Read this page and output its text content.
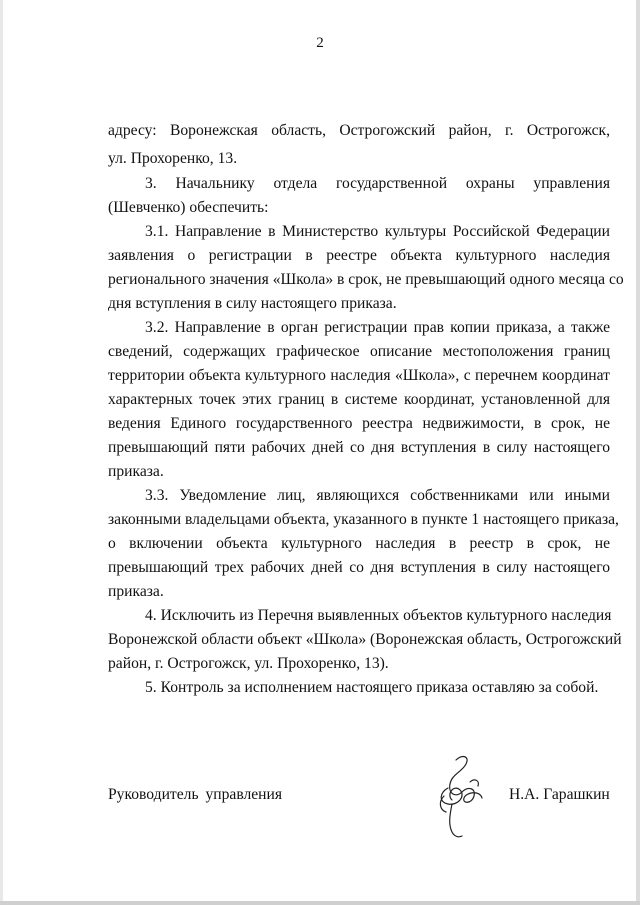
2
адресу: Воронежская область, Острогожский район, г. Острогожск,
ул. Прохоренко, 13.
3. Начальнику отдела государственной охраны управления
(Шевченко) обеспечить:
3.1. Направление в Министерство культуры Российской Федерации
заявления о регистрации в реестре объекта культурного наследия
регионального значения «Школа» в срок, не превышающий одного месяца со
дня вступления в силу настоящего приказа.
3.2. Направление в орган регистрации прав копии приказа, а также
сведений, содержащих графическое описание местоположения границ
территории объекта культурного наследия «Школа», с перечнем координат
характерных точек этих границ в системе координат, установленной для
ведения Единого государственного реестра недвижимости, в срок, не
превышающий пяти рабочих дней со дня вступления в силу настоящего
приказа.
3.3. Уведомление лиц, являющихся собственниками или иными
законными владельцами объекта, указанного в пункте 1 настоящего приказа,
о включении объекта культурного наследия в реестр в срок, не
превышающий трех рабочих дней со дня вступления в силу настоящего
приказа.
4. Исключить из Перечня выявленных объектов культурного наследия
Воронежской области объект «Школа» (Воронежская область, Острогожский
район, г. Острогожск, ул. Прохоренко, 13).
5. Контроль за исполнением настоящего приказа оставляю за собой.
Руководитель управления	Н.А. Гарашкин
